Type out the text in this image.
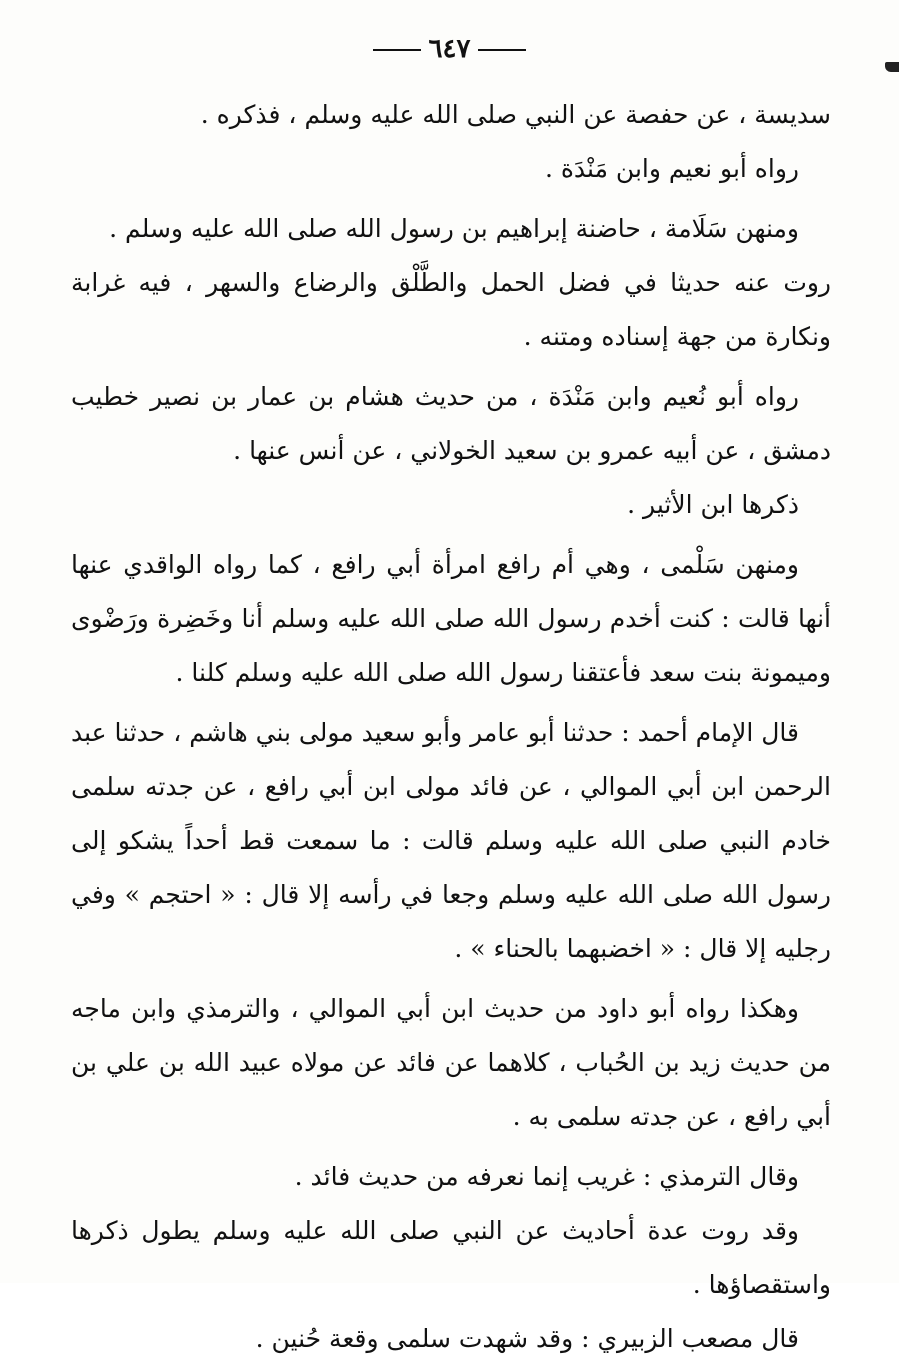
٦٤٧

سديسة ، عن حفصة عن النبي صلى الله عليه وسلم ، فذكره .

رواه أبو نعيم وابن مَنْدَة .

ومنهن سَلَامة ، حاضنة إبراهيم بن رسول الله صلى الله عليه وسلم .

روت عنه حديثا في فضل الحمل والطَّلْق والرضاع والسهر ، فيه غرابة ونكارة من جهة إسناده ومتنه .

رواه أبو نُعيم وابن مَنْدَة ، من حديث هشام بن عمار بن نصير خطيب دمشق ، عن أبيه عمرو بن سعيد الخولاني ، عن أنس عنها .

ذكرها ابن الأثير .

ومنهن سَلْمى ، وهي أم رافع امرأة أبي رافع ، كما رواه الواقدي عنها أنها قالت : كنت أخدم رسول الله صلى الله عليه وسلم أنا وخَضِرة ورَضْوى وميمونة بنت سعد فأعتقنا رسول الله صلى الله عليه وسلم كلنا .

قال الإمام أحمد : حدثنا أبو عامر وأبو سعيد مولى بني هاشم ، حدثنا عبد الرحمن ابن أبي الموالي ، عن فائد مولى ابن أبي رافع ، عن جدته سلمى خادم النبي صلى الله عليه وسلم قالت : ما سمعت قط أحداً يشكو إلى رسول الله صلى الله عليه وسلم وجعا في رأسه إلا قال : « احتجم » وفي رجليه إلا قال : « اخضبهما بالحناء » .

وهكذا رواه أبو داود من حديث ابن أبي الموالي ، والترمذي وابن ماجه من حديث زيد بن الحُباب ، كلاهما عن فائد عن مولاه عبيد الله بن علي بن أبي رافع ، عن جدته سلمى به .

وقال الترمذي : غريب إنما نعرفه من حديث فائد .

وقد روت عدة أحاديث عن النبي صلى الله عليه وسلم يطول ذكرها واستقصاؤها .

قال مصعب الزبيري : وقد شهدت سلمى وقعة حُنين .
